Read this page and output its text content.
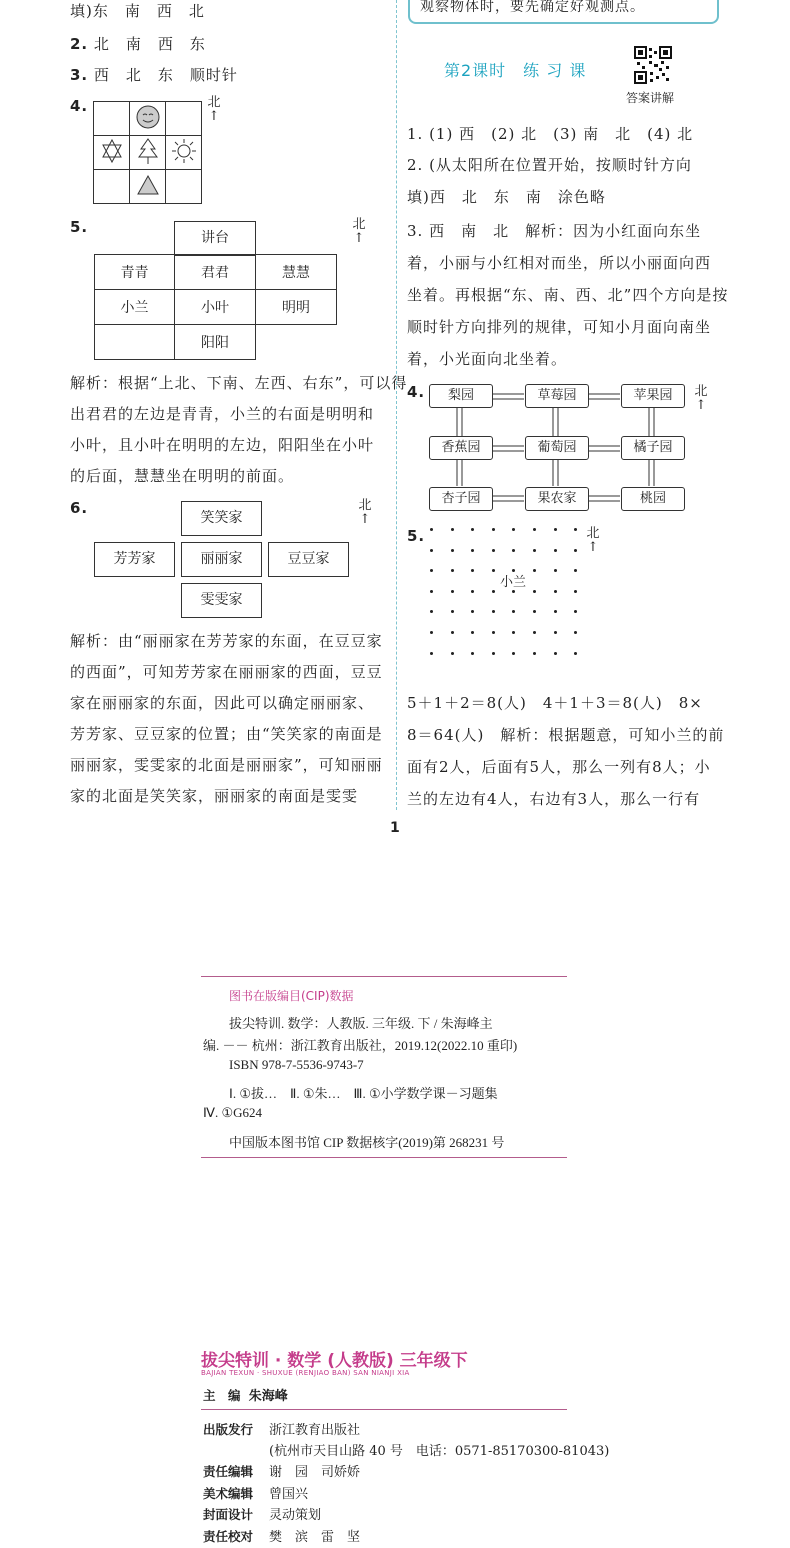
填)东　南　西　北
2. 北　南　西　东
3. 西　北　东　顺时针
4.

			北
↑
5.
讲台
青青	君君	慧慧
小兰	小叶	明明
	阳阳	
北
↑
解析：根据“上北、下南、左西、右东”，可以得
出君君的左边是青青，小兰的右面是明明和
小叶，且小叶在明明的左边，阳阳坐在小叶
的后面，慧慧坐在明明的前面。
6.
笑笑家
芳芳家	丽丽家	豆豆家
雯雯家
北
↑
解析：由“丽丽家在芳芳家的东面，在豆豆家
的西面”，可知芳芳家在丽丽家的西面，豆豆
家在丽丽家的东面，因此可以确定丽丽家、
芳芳家、豆豆家的位置；由“笑笑家的南面是
丽丽家，雯雯家的北面是丽丽家”，可知丽丽
家的北面是笑笑家，丽丽家的南面是雯雯
观察物体时，要先确定好观测点。
第2课时　练 习 课
答案讲解
1. (1) 西　(2) 北　(3) 南　北　(4) 北
2. (从太阳所在位置开始，按顺时针方向
填)西　北　东　南　涂色略
3. 西　南　北　解析：因为小红面向东坐
着，小丽与小红相对而坐，所以小丽面向西
坐着。再根据“东、南、西、北”四个方向是按
顺时针方向排列的规律，可知小月面向南坐
着，小光面向北坐着。
4.	梨园	草莓园	苹果园
香蕉园	葡萄园	橘子园
杏子园	果农家	桃园
北
↑
5.
小兰
北
↑
5＋1＋2＝8(人)　4＋1＋3＝8(人)　8×
8＝64(人)　解析：根据题意，可知小兰的前
面有2人，后面有5人，那么一列有8人；小
兰的左边有4人，右边有3人，那么一行有
1
图书在版编目(CIP)数据
拔尖特训. 数学：人教版. 三年级. 下 / 朱海峰主
编. －－ 杭州：浙江教育出版社，2019.12(2022.10 重印)
ISBN 978-7-5536-9743-7
Ⅰ. ①拔…　Ⅱ. ①朱…　Ⅲ. ①小学数学课－习题集
Ⅳ. ①G624
中国版本图书馆 CIP 数据核字(2019)第 268231 号
拔尖特训 · 数学 (人教版) 三年级下
BAJIAN TEXUN · SHUXUE (RENJIAO BAN) SAN NIANJI XIA
主　编 朱海峰
出版发行 浙江教育出版社
(杭州市天目山路 40 号　电话：0571-85170300-81043)
责任编辑 谢　园　司娇娇
美术编辑 曾国兴
封面设计 灵动策划
责任校对 樊　滨　雷　坚
